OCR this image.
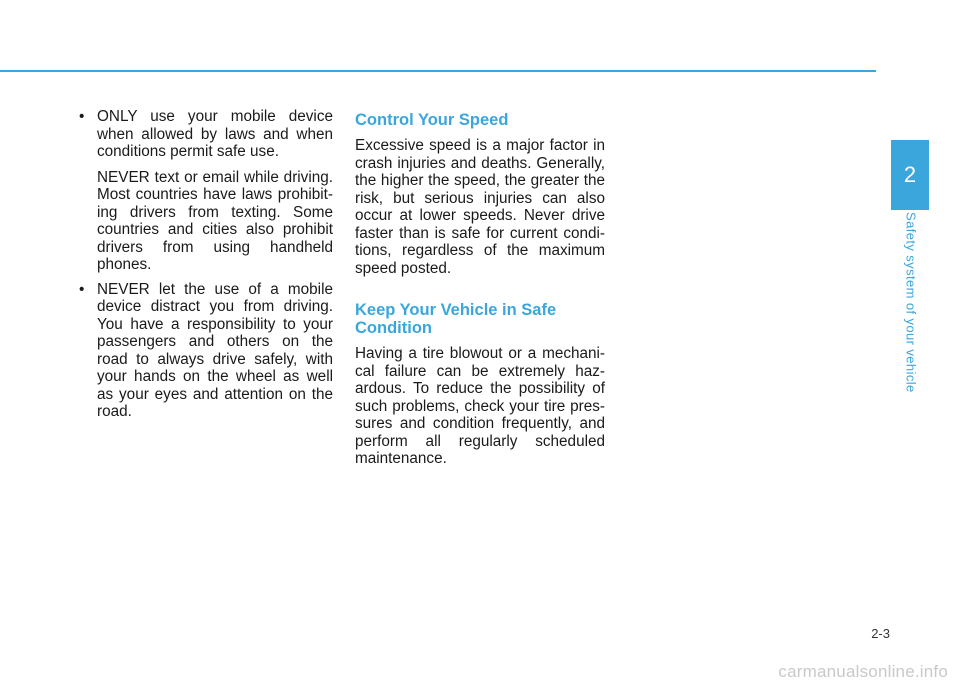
• ONLY use your mobile device when allowed by laws and when conditions permit safe use.

NEVER text or email while driving. Most countries have laws prohibit-ing drivers from texting. Some countries and cities also prohibit drivers from using handheld phones.

• NEVER let the use of a mobile device distract you from driving. You have a responsibility to your passengers and others on the road to always drive safely, with your hands on the wheel as well as your eyes and attention on the road.

Control Your Speed

Excessive speed is a major factor in crash injuries and deaths. Generally, the higher the speed, the greater the risk, but serious injuries can also occur at lower speeds. Never drive faster than is safe for current condi-tions, regardless of the maximum speed posted.

Keep Your Vehicle in Safe Condition

Having a tire blowout or a mechani-cal failure can be extremely haz-ardous. To reduce the possibility of such problems, check your tire pres-sures and condition frequently, and perform all regularly scheduled maintenance.

2
Safety system of your vehicle
2-3
carmanualsonline.info
